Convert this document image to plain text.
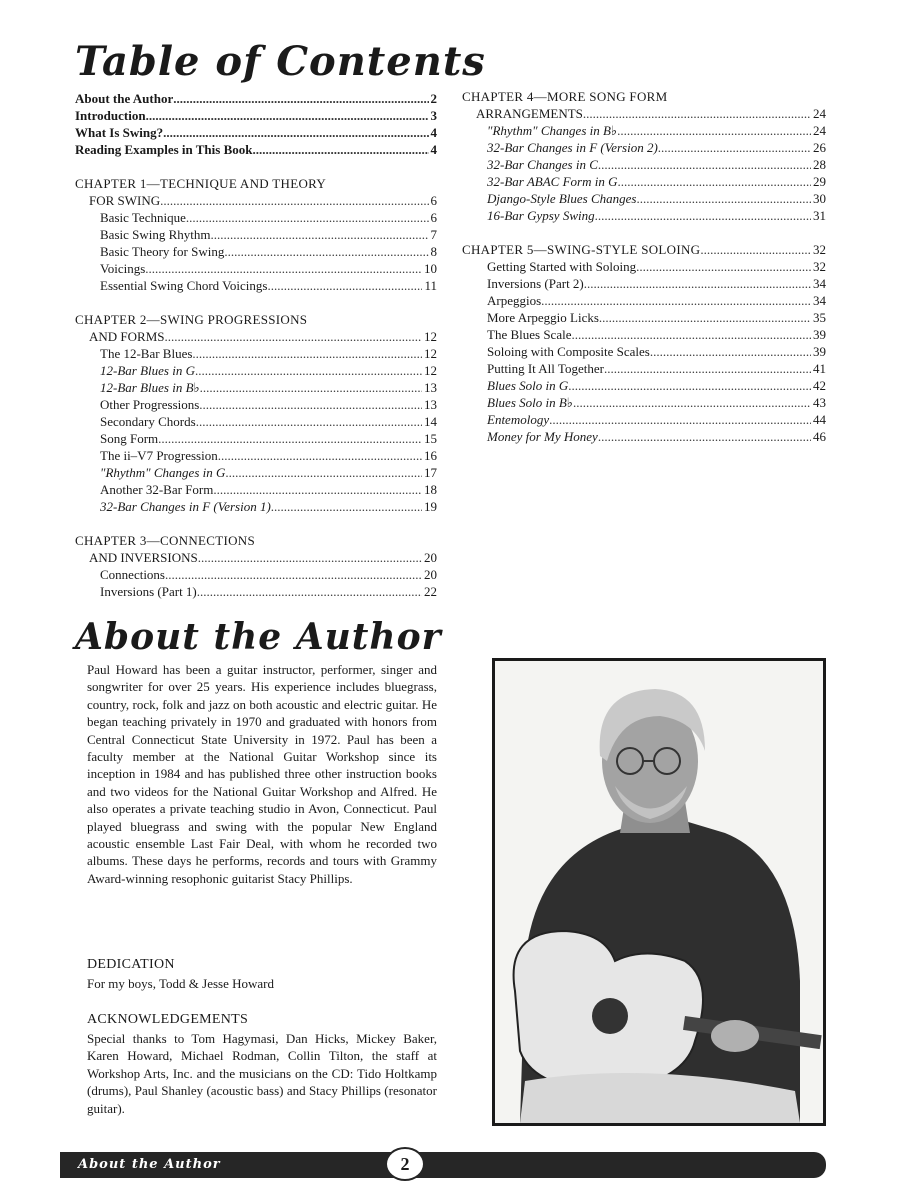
Table of Contents
About the Author .....	2
Introduction .....	3
What Is Swing? .....	4
Reading Examples in This Book .....	4
CHAPTER 1—TECHNIQUE AND THEORY
FOR SWING .....	6
Basic Technique .....	6
Basic Swing Rhythm .....	7
Basic Theory for Swing .....	8
Voicings .....	10
Essential Swing Chord Voicings .....	11
CHAPTER 2—SWING PROGRESSIONS
AND FORMS .....	12
The 12-Bar Blues .....	12
12-Bar Blues in G .....	12
12-Bar Blues in B♭ .....	13
Other Progressions .....	13
Secondary Chords .....	14
Song Form .....	15
The ii–V7 Progression .....	16
"Rhythm" Changes in G .....	17
Another 32-Bar Form .....	18
32-Bar Changes in F (Version 1) .....	19
CHAPTER 3—CONNECTIONS
AND INVERSIONS .....	20
Connections .....	20
Inversions (Part 1) .....	22
CHAPTER 4—MORE SONG FORM
ARRANGEMENTS .....	24
"Rhythm" Changes in B♭ .....	24
32-Bar Changes in F (Version 2) .....	26
32-Bar Changes in C .....	28
32-Bar ABAC Form in G .....	29
Django-Style Blues Changes .....	30
16-Bar Gypsy Swing .....	31
CHAPTER 5—SWING-STYLE SOLOING .....	32
Getting Started with Soloing .....	32
Inversions (Part 2) .....	34
Arpeggios .....	34
More Arpeggio Licks .....	35
The Blues Scale .....	39
Soloing with Composite Scales .....	39
Putting It All Together .....	41
Blues Solo in G .....	42
Blues Solo in B♭ .....	43
Entemology .....	44
Money for My Honey .....	46
About the Author

Paul Howard has been a guitar instructor, performer, singer and songwriter for over 25 years. His experience includes bluegrass, country, rock, folk and jazz on both acoustic and electric guitar. He began teaching privately in 1970 and graduated with honors from Central Connecticut State University in 1972. Paul has been a faculty member at the National Guitar Workshop since its inception in 1984 and has published three other instruction books and two videos for the National Guitar Workshop and Alfred. He also operates a private teaching studio in Avon, Connecticut. Paul played bluegrass and swing with the popular New England acoustic ensemble Last Fair Deal, with whom he recorded two albums. These days he performs, records and tours with Grammy Award-winning resophonic guitarist Stacy Phillips.

DEDICATION

For my boys, Todd & Jesse Howard

ACKNOWLEDGEMENTS

Special thanks to Tom Hagymasi, Dan Hicks, Mickey Baker, Karen Howard, Michael Rodman, Collin Tilton, the staff at Workshop Arts, Inc. and the musicians on the CD: Tido Holtkamp (drums), Paul Shanley (acoustic bass) and Stacy Phillips (resonator guitar).

About the Author	2
